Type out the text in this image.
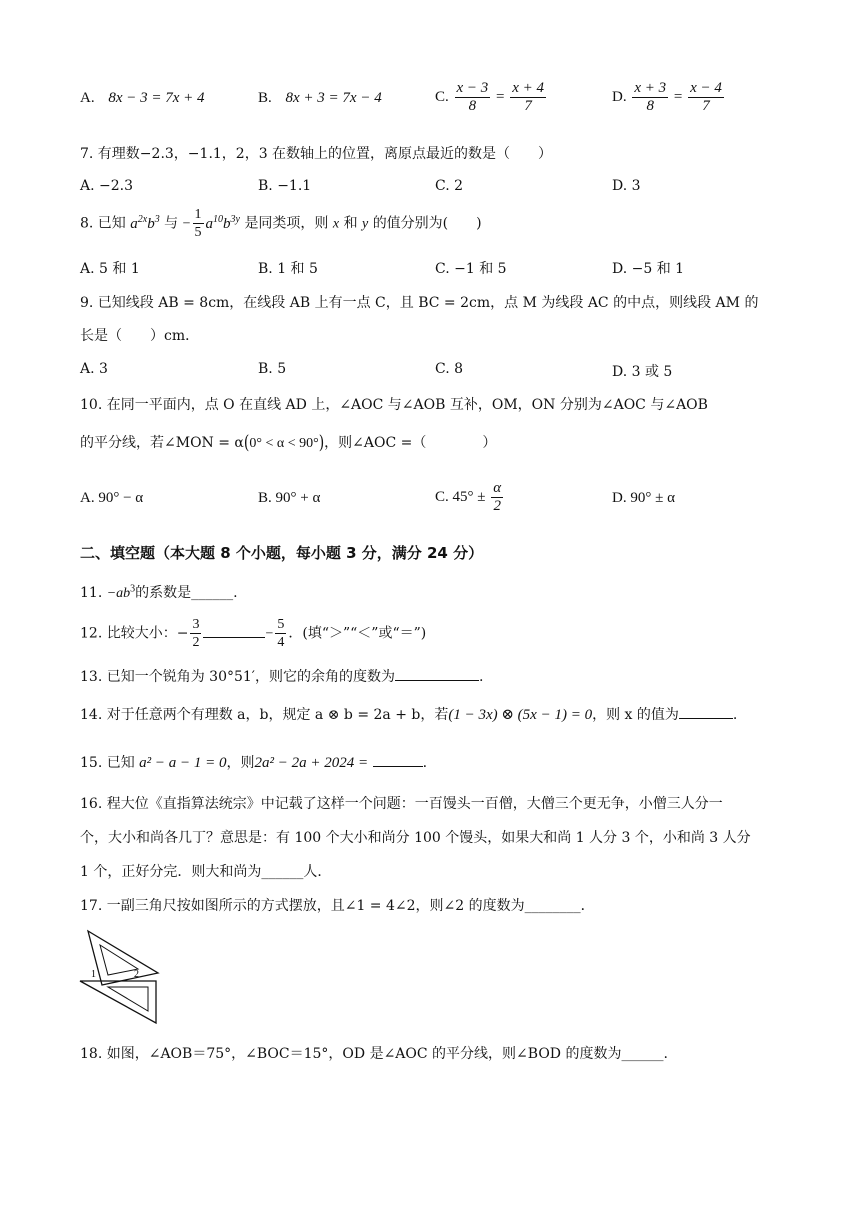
A. 8x − 3 = 7x + 4	B. 8x + 3 = 7x − 4	C. $\frac{x - 3}{8} = \frac{x + 4}{7}$	D. $\frac{x + 3}{8} = \frac{x - 4}{7}$
7. 有理数−2.3，−1.1，2，3 在数轴上的位置，离原点最近的数是（　　）
A. −2.3	B. −1.1	C. 2	D. 3
8. 已知 $a^{2x}b^3$ 与 − $\frac{1}{5} a^{10}b^{3y}$ 是同类项，则 x 和 y 的值分别为(　　)
A. 5 和 1	B. 1 和 5	C. −1 和 5	D. −5 和 1
9. 已知线段 AB = 8cm，在线段 AB 上有一点 C，且 BC = 2cm，点 M 为线段 AC 的中点，则线段 AM 的
长是（　　）cm．
A. 3	B. 5	C. 8	D. 3 或 5
10. 在同一平面内，点 O 在直线 AD 上，∠AOC 与∠AOB 互补，OM，ON 分别为∠AOC 与∠AOB
的平分线，若∠MON = α(0° < α < 90°)，则∠AOC =（　　　　）
A. 90° − α	B. 90° + α	C. $45^\circ \pm \frac{\alpha}{2}$	D. 90° ± α
二、填空题（本大题 8 个小题，每小题 3 分，满分 24 分）
11. $-ab^3$的系数是______.
12. 比较大小：− $\frac{3}{2}$	− $\frac{5}{4}$ ．(填“＞”“＜”或“＝”)
13. 已知一个锐角为 30°51′，则它的余角的度数为	.
14. 对于任意两个有理数 a，b，规定 a ⊗ b = 2a + b，若(1 − 3x) ⊗ (5x − 1) = 0，则 x 的值为	.
15. 已知 a² − a − 1 = 0，则2a² − 2a + 2024 =	.
16. 程大位《直指算法统宗》中记载了这样一个问题：一百馒头一百僧，大僧三个更无争，小僧三人分一
个，大小和尚各几丁？意思是：有 100 个大小和尚分 100 个馒头，如果大和尚 1 人分 3 个，小和尚 3 人分
1 个，正好分完．则大和尚为______人．
17. 一副三角尺按如图所示的方式摆放，且∠1 = 4∠2，则∠2 的度数为________．
1	2
18. 如图，∠AOB＝75°，∠BOC＝15°，OD 是∠AOC 的平分线，则∠BOD 的度数为______.
